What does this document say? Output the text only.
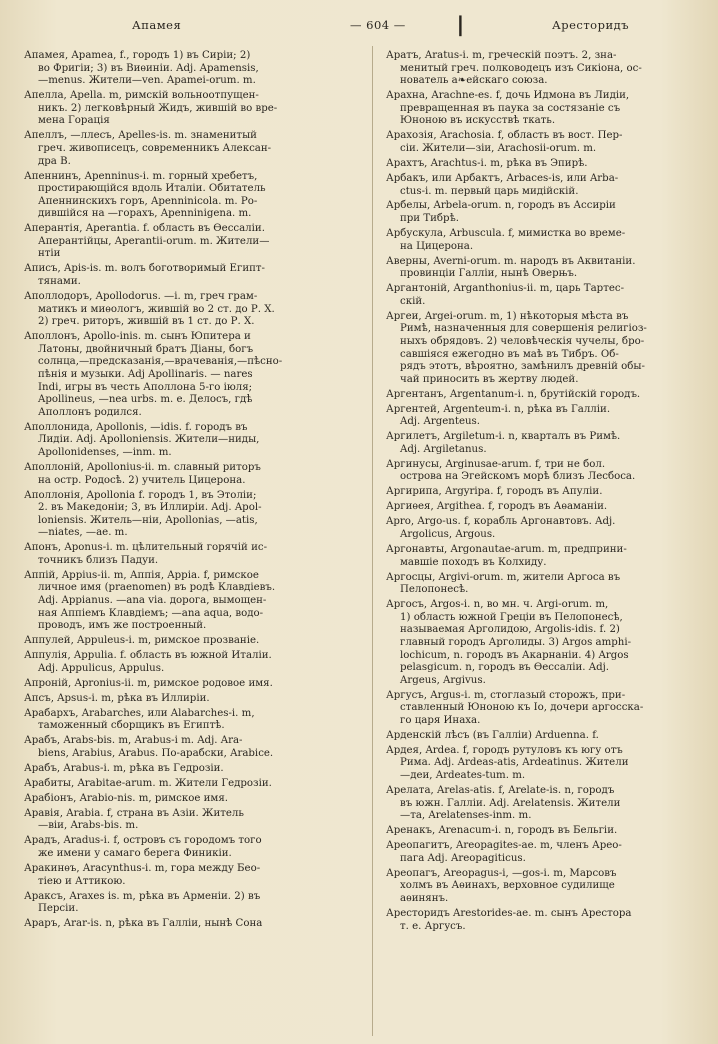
Апамея	— 604 — ❘	Аресторидъ
Апамея, Apamea, f., городъ 1) въ Сиріи; 2)
во Фригіи; 3) въ Виѳиніи. Adj. Apamensis,
—menus. Жители—ven. Apamei-orum. m.
Апелла, Apella. m, римскій вольноотпущен-
никъ. 2) легковѣрный Жидъ, жившій во вре-
мена Горація
Апеллъ, —ллесъ, Apelles-is. m. знаменитый
греч. живописецъ, современникъ Алексан-
дра В.
Апеннинъ, Apenninus-i. m. горный хребетъ,
простирающійся вдоль Италіи. Обитатель
Апеннинскихъ горъ, Apenninicola. m. Ро-
дившійся на —горахъ, Apenninigena. m.
Аперантія, Aperantia. f. область въ Ѳессаліи.
Аперантійцы, Aperantii-orum. m. Жители—
нтіи
Аписъ, Apis-is. m. волъ боготворимый Египт-
тянами.
Аполлодоръ, Apollodorus. —i. m, греч грам-
матикъ и миѳологъ, жившій во 2 ст. до Р. Х.
2) греч. риторъ, жившій въ 1 ст. до Р. Х.
Аполлонъ, Apollo-inis. m. сынъ Юпитера и
Латоны, двойничный братъ Діаны, богъ
солнца,—предсказанія,—врачеванія,—пѣсно-
пѣнія и музыки. Adj Apollinaris. — nares
Indi, игры въ честь Аполлона 5-го іюля;
Apollineus, —nea urbs. m. e. Делосъ, гдѣ
Аполлонъ родился.
Аполлонида, Apollonis, —idis. f. городъ въ
Лидіи. Adj. Apolloniensis. Жители—ниды,
Apollonidenses, —inm. m.
Аполлоній, Apollonius-ii. m. славный риторъ
на остр. Родосѣ. 2) учитель Цицерона.
Аполлонія, Apollonia f. городъ 1, въ Этоліи;
2. въ Македоніи; 3, въ Иллиріи. Adj. Apol-
loniensis. Житель—ніи, Apollonias, —atis,
—niates, —ae. m.
Апонъ, Aponus-i. m. цѣлительный горячій ис-
точникъ близъ Падуи.
Аппій, Appius-ii. m, Аппія, Appia. f, римское
личное имя (praenomen) въ родѣ Клавдіевъ.
Adj. Appianus. —ana via. дорога, вымощен-
ная Аппіемъ Клавдіемъ; —ana aqua, водо-
проводъ, имъ же построенный.
Аппулей, Appuleus-i. m, римское прозваніе.
Аппулія, Appulia. f. область въ южной Италіи.
Adj. Appulicus, Appulus.
Апроній, Apronius-ii. m, римское родовое имя.
Апсъ, Apsus-i. m, рѣка въ Иллиріи.
Арабархъ, Arabarches, или Alabarches-i. m,
таможенный сборщикъ въ Египтѣ.
Арабъ, Arabs-bis. m, Arabus-i m. Adj. Ara-
biens, Arabius, Arabus. По-арабски, Arabice.
Арабъ, Arabus-i. m, рѣка въ Гедрозіи.
Арабиты, Arabitae-arum. m. Жители Гедрозіи.
Арабіонъ, Arabio-nis. m, римское имя.
Аравія, Arabia. f, страна въ Азіи. Житель
—віи, Arabs-bis. m.
Арадъ, Aradus-i. f, островъ съ городомъ того
же имени у самаго берега Финикіи.
Аракинѳъ, Aracynthus-i. m, гора между Бео-
тіею и Аттикою.
Араксъ, Araxes is. m, рѣка въ Арменіи. 2) въ
Персіи.
Араръ, Arar-is. n, рѣка въ Галліи, нынѣ Сона
Аратъ, Aratus-i. m, греческій поэтъ. 2, зна-
менитый греч. полководецъ изъ Сикіона, ос-
нователь а❧ейскаго союза.
Арахна, Arachne-es. f, дочь Идмона въ Лидіи,
превращенная въ паука за состязаніе съ
Юноною въ искусствѣ ткать.
Арахозія, Arachosia. f, область въ вост. Пер-
сіи. Жители—зіи, Arachosii-orum. m.
Арахтъ, Arachtus-i. m, рѣка въ Эпирѣ.
Арбакъ, или Арбактъ, Arbaces-is, или Arba-
ctus-i. m. первый царь мидійскій.
Арбелы, Arbela-orum. n, городъ въ Ассиріи
при Тибрѣ.
Арбускула, Arbuscula. f, мимистка во време-
на Цицерона.
Аверны, Averni-orum. m. народъ въ Аквитаніи.
провинціи Галліи, нынѣ Оверњъ.
Аргантоній, Arganthonius-ii. m, царь Тартес-
скій.
Аргеи, Argei-orum. m, 1) нѣкоторыя мѣста въ
Римѣ, назначенныя для совершенія религіоз-
ныхъ обрядовъ. 2) человѣческія чучелы, бро-
савшіяся ежегодно въ маѣ въ Тибръ. Об-
рядъ этотъ, вѣроятно, замѣнилъ древній обы-
чай приносить въ жертву людей.
Аргентанъ, Argentanum-i. n, брутійскій городъ.
Аргентей, Argenteum-i. n, рѣка въ Галліи.
Adj. Argenteus.
Аргилетъ, Argiletum-i. n, кварталъ въ Римѣ.
Adj. Argiletanus.
Аргинусы, Arginusae-arum. f, три не бол.
острова на Эгейскомъ морѣ близъ Лесбоса.
Аргирипа, Argyripa. f, городъ въ Апуліи.
Аргиѳея, Argithea. f, городъ въ Аѳаманіи.
Apro, Argo-us. f, корабль Аргонавтовъ. Adj.
Argolicus, Argous.
Аргонавты, Argonautae-arum. m, предприни-
мавшіе походъ въ Колхиду.
Аргосцы, Argivi-orum. m, жители Аргоса въ
Пелопонесѣ.
Аргосъ, Argos-i. n, во мн. ч. Argi-orum. m,
1) область южной Греціи въ Пелопонесѣ,
называемая Арголидою, Argolis-idis. f. 2)
главный городъ Арголиды. 3) Argos amphi-
lochicum, n. городъ въ Акарнаніи. 4) Argos
pelasgicum. n, городъ въ Ѳессаліи. Adj.
Argeus, Argivus.
Аргусъ, Argus-i. m, стоглазый сторожъ, при-
ставленный Юноною къ Іо, дочери аргосска-
го царя Инаха.
Арденскій лѣсъ (въ Галліи) Arduenna. f.
Ардея, Ardea. f, городъ рутуловъ къ югу отъ
Рима. Adj. Ardeas-atis, Ardeatinus. Жители
—деи, Ardeates-tum. m.
Арелата, Arelas-atis. f, Arelate-is. n, городъ
въ южн. Галліи. Adj. Arelatensis. Жители
—та, Arelatenses-inm. m.
Аренакъ, Arenacum-i. n, городъ въ Бельгіи.
Ареопагитъ, Areopagites-ae. m, членъ Арео-
пага Adj. Areopagiticus.
Ареопагъ, Areopagus-i, —gos-i. m, Марсовъ
холмъ въ Аѳинахъ, верховное судилище
аѳинянъ.
Аресторидъ Arestorides-ae. m. сынъ Ареcтора
т. е. Аргусъ.
